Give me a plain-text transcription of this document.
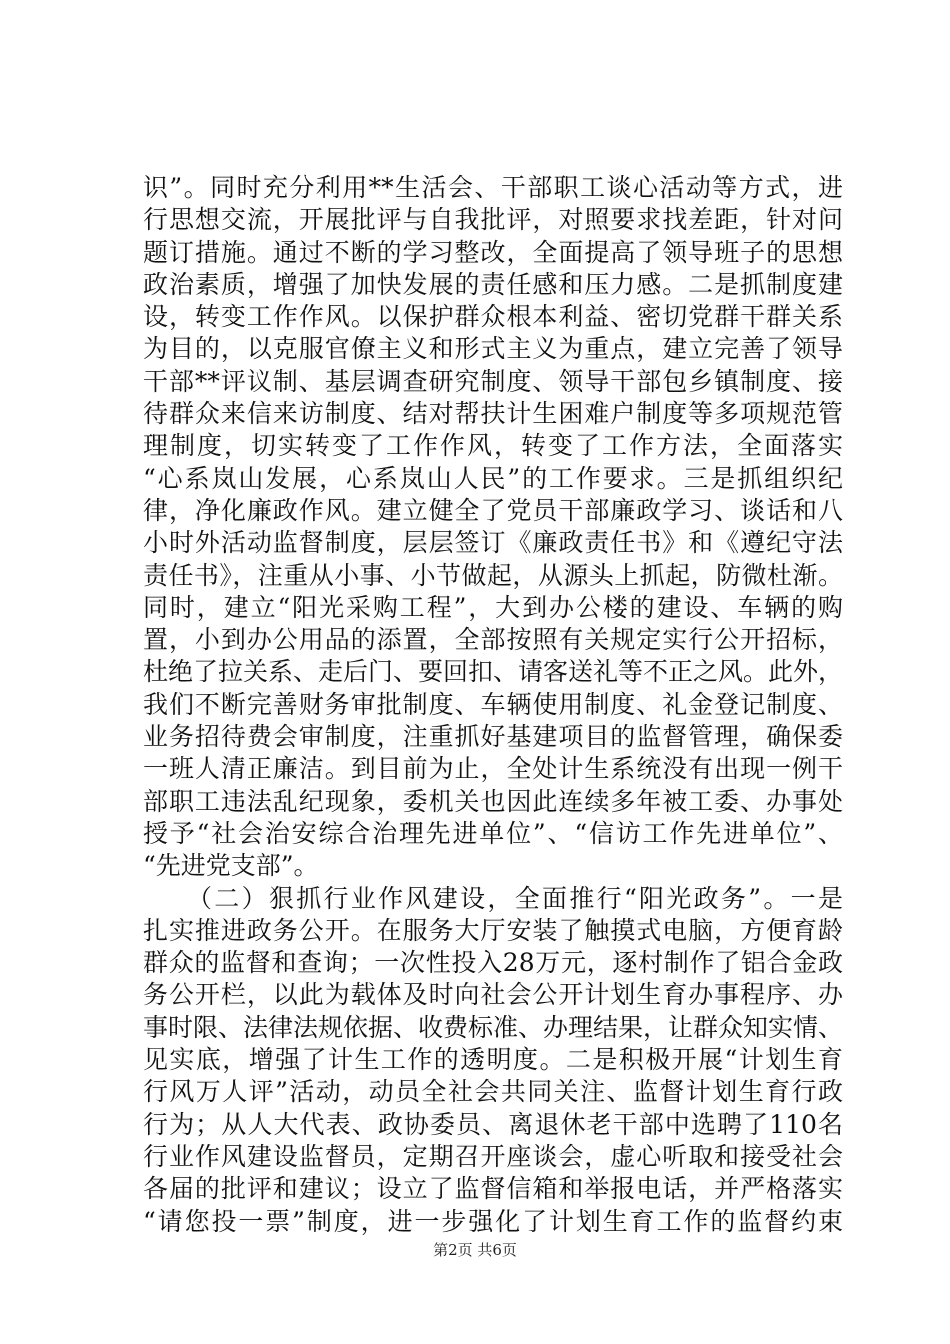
识”。同时充分利用**生活会、干部职工谈心活动等方式，进
行思想交流，开展批评与自我批评，对照要求找差距，针对问
题订措施。通过不断的学习整改，全面提高了领导班子的思想
政治素质，增强了加快发展的责任感和压力感。二是抓制度建
设，转变工作作风。以保护群众根本利益、密切党群干群关系
为目的，以克服官僚主义和形式主义为重点，建立完善了领导
干部**评议制、基层调查研究制度、领导干部包乡镇制度、接
待群众来信来访制度、结对帮扶计生困难户制度等多项规范管
理制度，切实转变了工作作风，转变了工作方法，全面落实
“心系岚山发展，心系岚山人民”的工作要求。三是抓组织纪
律，净化廉政作风。建立健全了党员干部廉政学习、谈话和八
小时外活动监督制度，层层签订《廉政责任书》和《遵纪守法
责任书》，注重从小事、小节做起，从源头上抓起，防微杜渐。
同时，建立“阳光采购工程”，大到办公楼的建设、车辆的购
置，小到办公用品的添置，全部按照有关规定实行公开招标，
杜绝了拉关系、走后门、要回扣、请客送礼等不正之风。此外，
我们不断完善财务审批制度、车辆使用制度、礼金登记制度、
业务招待费会审制度，注重抓好基建项目的监督管理，确保委
一班人清正廉洁。到目前为止，全处计生系统没有出现一例干
部职工违法乱纪现象，委机关也因此连续多年被工委、办事处
授予“社会治安综合治理先进单位”、“信访工作先进单位”、
“先进党支部”。
（二）狠抓行业作风建设，全面推行“阳光政务”。一是
扎实推进政务公开。在服务大厅安装了触摸式电脑，方便育龄
群众的监督和查询；一次性投入28万元，逐村制作了铝合金政
务公开栏，以此为载体及时向社会公开计划生育办事程序、办
事时限、法律法规依据、收费标准、办理结果，让群众知实情、
见实底，增强了计生工作的透明度。二是积极开展“计划生育
行风万人评”活动，动员全社会共同关注、监督计划生育行政
行为；从人大代表、政协委员、离退休老干部中选聘了110名
行业作风建设监督员，定期召开座谈会，虚心听取和接受社会
各届的批评和建议；设立了监督信箱和举报电话，并严格落实
“请您投一票”制度，进一步强化了计划生育工作的监督约束
第2页 共6页
